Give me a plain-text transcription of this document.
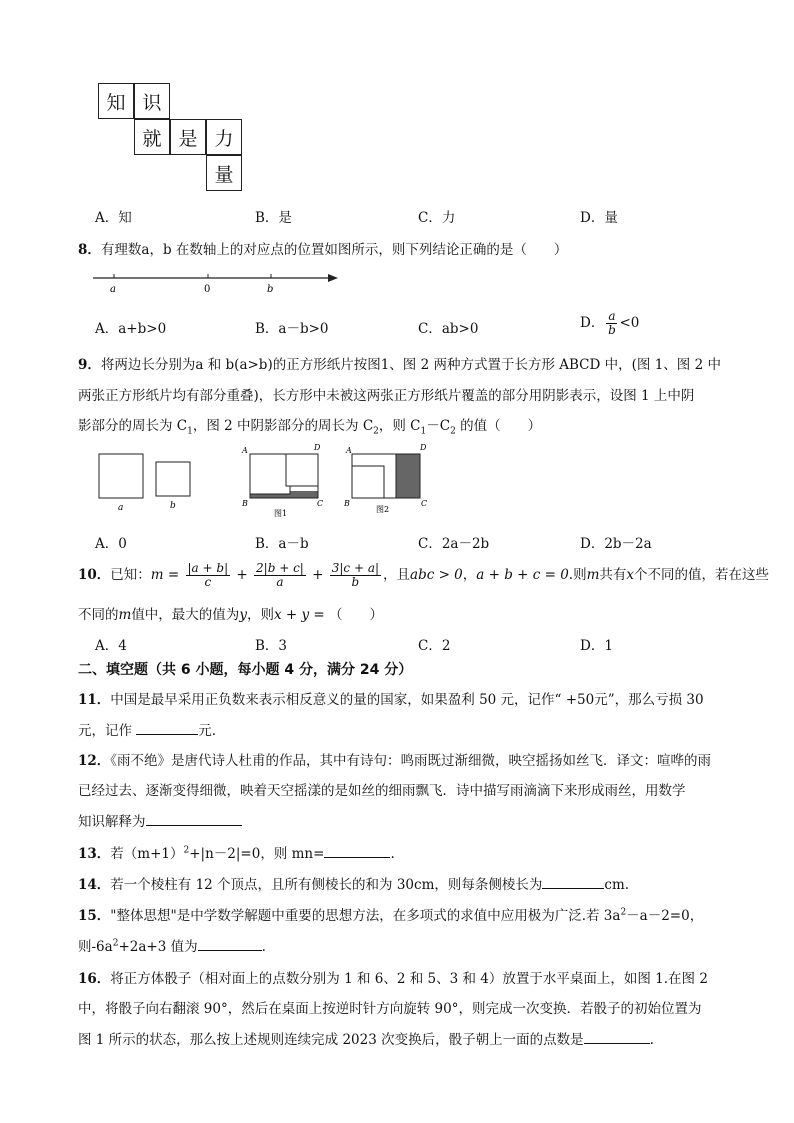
知 识
就 是 力
量
A．知	B．是	C．力	D．量
8．有理数a，b 在数轴上的对应点的位置如图所示，则下列结论正确的是（　　）
a	0	b
A．a+b>0	B．a－b>0	C．ab>0	D． $\frac{a}{b} <0$
9．将两边长分别为a 和 b(a>b)的正方形纸片按图1、图 2 两种方式置于长方形 ABCD 中，(图 1、图 2 中
两张正方形纸片均有部分重叠)，长方形中未被这两张正方形纸片覆盖的部分用阴影表示，设图 1 上中阴
影部分的周长为 $C_1$，图 2 中阴影部分的周长为 $C_2$，则 $C_1-C_2$ 的值（　　）
a	b
A	D
B	C
图1
A	D
B	C
图2
A．0	B．a－b	C．2a－2b	D．2b－2a
10．已知：$m = \frac{|a + b|}{c} + \frac{2|b + c|}{a} + \frac{3|c + a|}{b}$ ，且abc > 0，a + b + c = 0.则m共有x个不同的值，若在这些
不同的m值中，最大的值为y，则x + y = （　　）
A．4	B．3	C．2	D．1
二、填空题（共 6 小题，每小题 4 分，满分 24 分）
11．中国是最早采用正负数来表示相反意义的量的国家，如果盈利 50 元，记作“ +50元”，那么亏损 30
元，记作	元．
12．《雨不绝》是唐代诗人杜甫的作品，其中有诗句：鸣雨既过渐细微，映空摇扬如丝飞．译文：喧哗的雨
已经过去、逐渐变得细微，映着天空摇漾的是如丝的细雨飘飞．诗中描写雨滴滴下来形成雨丝，用数学
知识解释为
13．若$(m+1)^2+|n-2|=0$，则 mn=	.
14．若一个棱柱有 12 个顶点，且所有侧棱长的和为 30cm，则每条侧棱长为	cm.
15．"整体思想"是中学数学解题中重要的思想方法，在多项式的求值中应用极为广泛.若 $3a^2-a-2=0$，
则$-6a^2+2a+3$ 值为	.
16．将正方体骰子（相对面上的点数分别为 1 和 6、2 和 5、3 和 4）放置于水平桌面上，如图 1.在图 2
中，将骰子向右翻滚 90°，然后在桌面上按逆时针方向旋转 90°，则完成一次变换．若骰子的初始位置为
图 1 所示的状态，那么按上述规则连续完成 2023 次变换后，骰子朝上一面的点数是	.
